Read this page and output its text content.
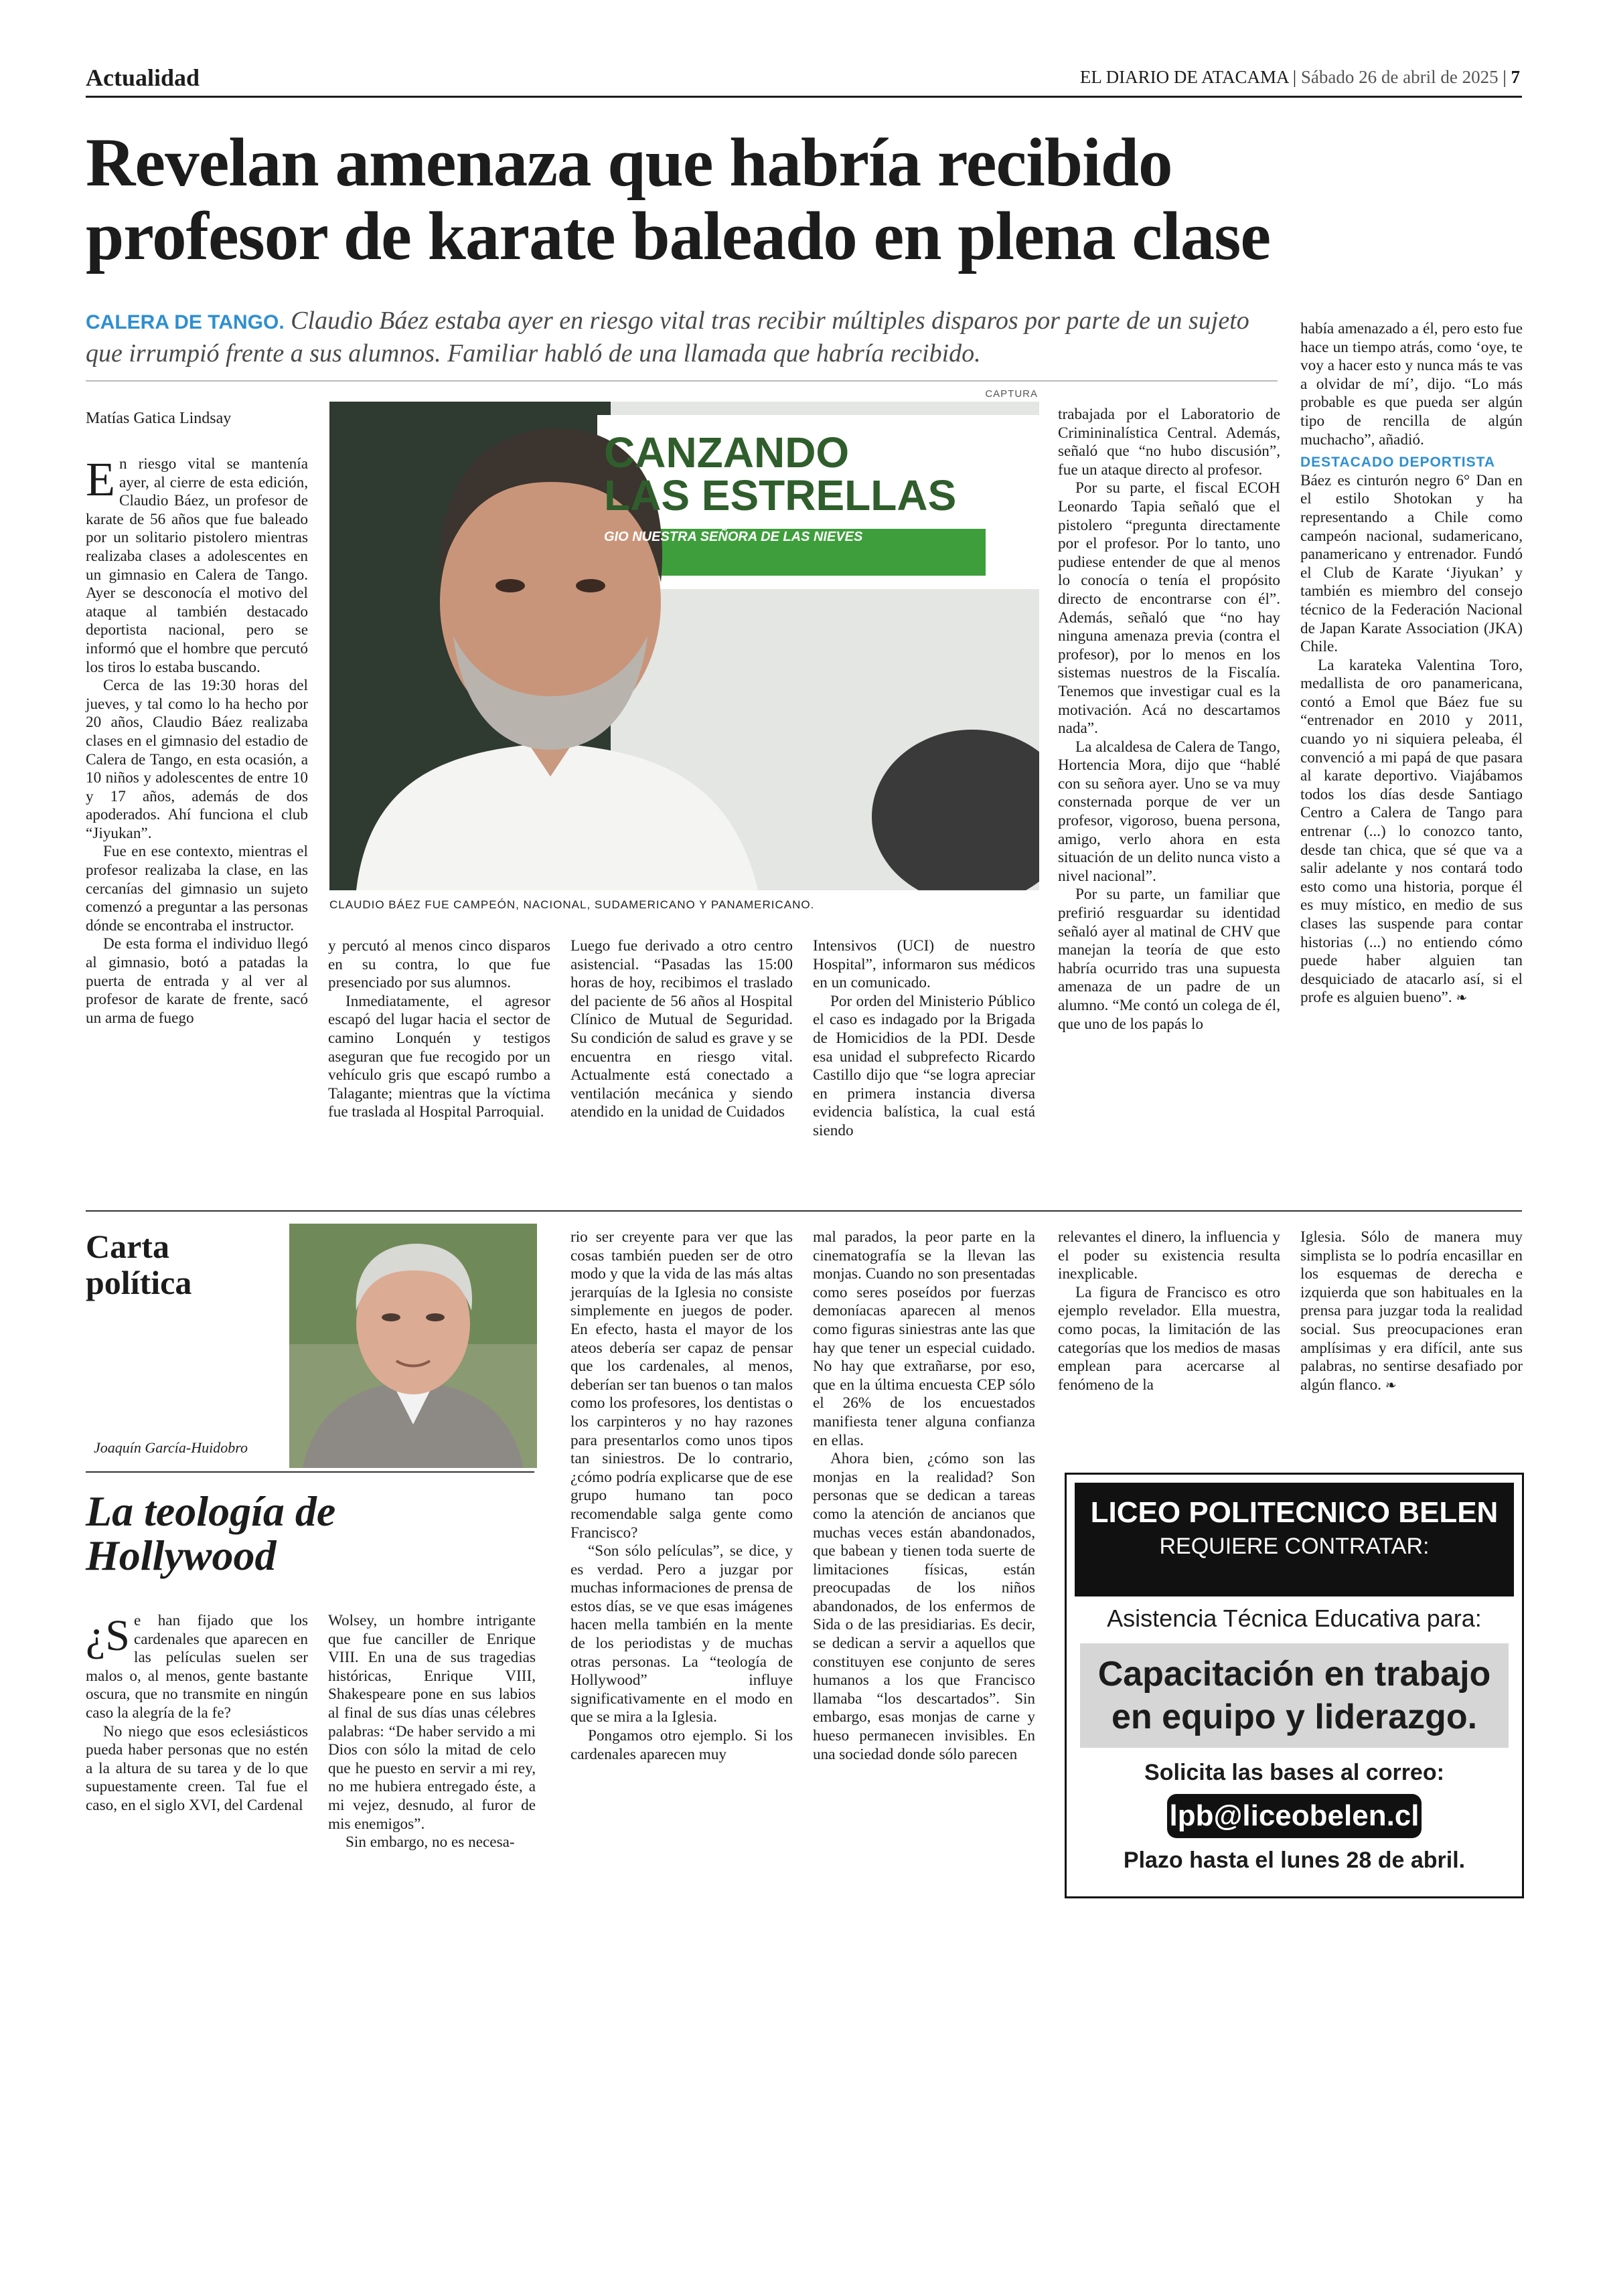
Actualidad	EL DIARIO DE ATACAMA | Sábado 26 de abril de 2025 | 7
Revelan amenaza que habría recibido
profesor de karate baleado en plena clase
CALERA DE TANGO. Claudio Báez estaba ayer en riesgo vital tras recibir múltiples disparos por parte de un sujeto que irrumpió frente a sus alumnos. Familiar habló de una llamada que habría recibido.
Matías Gatica Lindsay
CAPTURA
CANZANDO
LAS ESTRELLAS
GIO NUESTRA SEÑORA DE LAS NIEVES
CLAUDIO BÁEZ FUE CAMPEÓN, NACIONAL, SUDAMERICANO Y PANAMERICANO.

En riesgo vital se mantenía ayer, al cierre de esta edición, Claudio Báez, un profesor de karate de 56 años que fue baleado por un solitario pistolero mientras realizaba clases a adolescentes en un gimnasio en Calera de Tango. Ayer se desconocía el motivo del ataque al también destacado deportista nacional, pero se informó que el hombre que percutó los tiros lo estaba buscando.

Cerca de las 19:30 horas del jueves, y tal como lo ha hecho por 20 años, Claudio Báez realizaba clases en el gimnasio del estadio de Calera de Tango, en esta ocasión, a 10 niños y adolescentes de entre 10 y 17 años, además de dos apoderados. Ahí funciona el club “Jiyukan”.

Fue en ese contexto, mientras el profesor realizaba la clase, en las cercanías del gimnasio un sujeto comenzó a preguntar a las personas dónde se encontraba el instructor.

De esta forma el individuo llegó al gimnasio, botó a patadas la puerta de entrada y al ver al profesor de karate de frente, sacó un arma de fuego

y percutó al menos cinco disparos en su contra, lo que fue presenciado por sus alumnos.

Inmediatamente, el agresor escapó del lugar hacia el sector de camino Lonquén y testigos aseguran que fue recogido por un vehículo gris que escapó rumbo a Talagante; mientras que la víctima fue traslada al Hospital Parroquial.

Luego fue derivado a otro centro asistencial. “Pasadas las 15:00 horas de hoy, recibimos el traslado del paciente de 56 años al Hospital Clínico de Mutual de Seguridad. Su condición de salud es grave y se encuentra en riesgo vital. Actualmente está conectado a ventilación mecánica y siendo atendido en la unidad de Cuidados

Intensivos (UCI) de nuestro Hospital”, informaron sus médicos en un comunicado.

Por orden del Ministerio Público el caso es indagado por la Brigada de Homicidios de la PDI. Desde esa unidad el subprefecto Ricardo Castillo dijo que “se logra apreciar en primera instancia diversa evidencia balística, la cual está siendo

trabajada por el Laboratorio de Crimininalística Central. Además, señaló que “no hubo discusión”, fue un ataque directo al profesor.

Por su parte, el fiscal ECOH Leonardo Tapia señaló que el pistolero “pregunta directamente por el profesor. Por lo tanto, uno pudiese entender de que al menos lo conocía o tenía el propósito directo de encontrarse con él”. Además, señaló que “no hay ninguna amenaza previa (contra el profesor), por lo menos en los sistemas nuestros de la Fiscalía. Tenemos que investigar cual es la motivación. Acá no descartamos nada”.

La alcaldesa de Calera de Tango, Hortencia Mora, dijo que “hablé con su señora ayer. Uno se va muy consternada porque de ver un profesor, vigoroso, buena persona, amigo, verlo ahora en esta situación de un delito nunca visto a nivel nacional”.

Por su parte, un familiar que prefirió resguardar su identidad señaló ayer al matinal de CHV que manejan la teoría de que esto habría ocurrido tras una supuesta amenaza de un padre de un alumno. “Me contó un colega de él, que uno de los papás lo

había amenazado a él, pero esto fue hace un tiempo atrás, como ‘oye, te voy a hacer esto y nunca más te vas a olvidar de mí’, dijo. “Lo más probable es que pueda ser algún tipo de rencilla de algún muchacho”, añadió.

DESTACADO DEPORTISTA

Báez es cinturón negro 6° Dan en el estilo Shotokan y ha representando a Chile como campeón nacional, sudamericano, panamericano y entrenador. Fundó el Club de Karate ‘Jiyukan’ y también es miembro del consejo técnico de la Federación Nacional de Japan Karate Association (JKA) Chile.

La karateka Valentina Toro, medallista de oro panamericana, contó a Emol que Báez fue su “entrenador en 2010 y 2011, cuando yo ni siquiera peleaba, él convenció a mi papá de que pasara al karate deportivo. Viajábamos todos los días desde Santiago Centro a Calera de Tango para entrenar (...) lo conozco tanto, desde tan chica, que sé que va a salir adelante y nos contará todo esto como una historia, porque él es muy místico, en medio de sus clases las suspende para contar historias (...) no entiendo cómo puede haber alguien tan desquiciado de atacarlo así, si el profe es alguien bueno”. ❧

Carta
política
Joaquín García-Huidobro
La teología de
Hollywood

¿S e han fijado que los cardenales que aparecen en las películas suelen ser malos o, al menos, gente bastante oscura, que no transmite en ningún caso la alegría de la fe?

No niego que esos eclesiásticos pueda haber personas que no estén a la altura de su tarea y de lo que supuestamente creen. Tal fue el caso, en el siglo XVI, del Cardenal

Wolsey, un hombre intrigante que fue canciller de Enrique VIII. En una de sus tragedias históricas, Enrique VIII, Shakespeare pone en sus labios al final de sus días unas célebres palabras: “De haber servido a mi Dios con sólo la mitad de celo que he puesto en servir a mi rey, no me hubiera entregado éste, a mi vejez, desnudo, al furor de mis enemigos”.

Sin embargo, no es necesa-

rio ser creyente para ver que las cosas también pueden ser de otro modo y que la vida de las más altas jerarquías de la Iglesia no consiste simplemente en juegos de poder. En efecto, hasta el mayor de los ateos debería ser capaz de pensar que los cardenales, al menos, deberían ser tan buenos o tan malos como los profesores, los dentistas o los carpinteros y no hay razones para presentarlos como unos tipos tan siniestros. De lo contrario, ¿cómo podría explicarse que de ese grupo humano tan poco recomendable salga gente como Francisco?

“Son sólo películas”, se dice, y es verdad. Pero a juzgar por muchas informaciones de prensa de estos días, se ve que esas imágenes hacen mella también en la mente de los periodistas y de muchas otras personas. La “teología de Hollywood” influye significativamente en el modo en que se mira a la Iglesia.

Pongamos otro ejemplo. Si los cardenales aparecen muy

mal parados, la peor parte en la cinematografía se la llevan las monjas. Cuando no son presentadas como seres poseídos por fuerzas demoníacas aparecen al menos como figuras siniestras ante las que hay que tener un especial cuidado. No hay que extrañarse, por eso, que en la última encuesta CEP sólo el 26% de los encuestados manifiesta tener alguna confianza en ellas.

Ahora bien, ¿cómo son las monjas en la realidad? Son personas que se dedican a tareas como la atención de ancianos que muchas veces están abandonados, que babean y tienen toda suerte de limitaciones físicas, están preocupadas de los niños abandonados, de los enfermos de Sida o de las presidiarias. Es decir, se dedican a servir a aquellos que constituyen ese conjunto de seres humanos a los que Francisco llamaba “los descartados”. Sin embargo, esas monjas de carne y hueso permanecen invisibles. En una sociedad donde sólo parecen

relevantes el dinero, la influencia y el poder su existencia resulta inexplicable.

La figura de Francisco es otro ejemplo revelador. Ella muestra, como pocas, la limitación de las categorías que los medios de masas emplean para acercarse al fenómeno de la

Iglesia. Sólo de manera muy simplista se lo podría encasillar en los esquemas de derecha e izquierda que son habituales en la prensa para juzgar toda la realidad social. Sus preocupaciones eran amplísimas y era difícil, ante sus palabras, no sentirse desafiado por algún flanco. ❧

LICEO POLITECNICO BELEN
REQUIERE CONTRATAR:
Asistencia Técnica Educativa para:
Capacitación en trabajo
en equipo y liderazgo.
Solicita las bases al correo:
lpb@liceobelen.cl
Plazo hasta el lunes 28 de abril.
